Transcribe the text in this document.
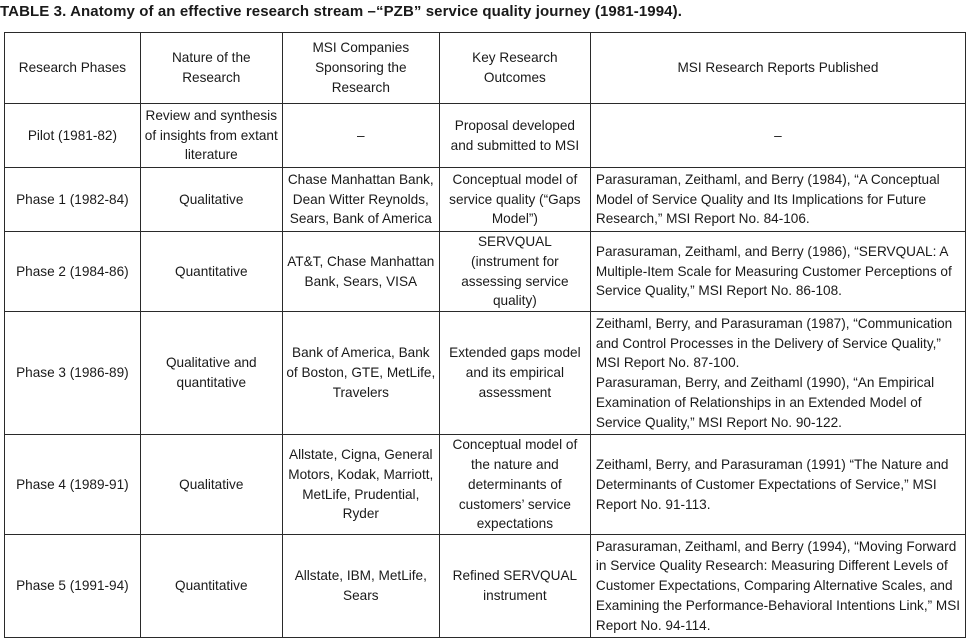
TABLE 3. Anatomy of an effective research stream –“PZB” service quality journey (1981-1994).
Research Phases	Nature of the Research	MSI Companies Sponsoring the Research	Key Research Outcomes	MSI Research Reports Published
Pilot (1981-82)	Review and synthesis of insights from extant literature	–	Proposal developed and submitted to MSI	–
Phase 1 (1982-84)	Qualitative	Chase Manhattan Bank, Dean Witter Reynolds, Sears, Bank of America	Conceptual model of service quality (“Gaps Model”)	Parasuraman, Zeithaml, and Berry (1984), “A Conceptual Model of Service Quality and Its Implications for Future Research,” MSI Report No. 84-106.
Phase 2 (1984-86)	Quantitative	AT&T, Chase Manhattan Bank, Sears, VISA	SERVQUAL (instrument for assessing service quality)	Parasuraman, Zeithaml, and Berry (1986), “SERVQUAL: A Multiple-Item Scale for Measuring Customer Perceptions of Service Quality,” MSI Report No. 86-108.
Phase 3 (1986-89)	Qualitative and quantitative	Bank of America, Bank of Boston, GTE, MetLife, Travelers	Extended gaps model and its empirical assessment	Zeithaml, Berry, and Parasuraman (1987), “Communication and Control Processes in the Delivery of Service Quality,” MSI Report No. 87-100.
Parasuraman, Berry, and Zeithaml (1990), “An Empirical Examination of Relationships in an Extended Model of Service Quality,” MSI Report No. 90-122.

Phase 4 (1989-91)	Qualitative	Allstate, Cigna, General Motors, Kodak, Marriott, MetLife, Prudential, Ryder	Conceptual model of the nature and determinants of customers’ service expectations	Zeithaml, Berry, and Parasuraman (1991) “The Nature and Determinants of Customer Expectations of Service,” MSI Report No. 91-113.
Phase 5 (1991-94)	Quantitative	Allstate, IBM, MetLife, Sears	Refined SERVQUAL instrument	Parasuraman, Zeithaml, and Berry (1994), “Moving Forward in Service Quality Research: Measuring Different Levels of Customer Expectations, Comparing Alternative Scales, and Examining the Performance-Behavioral Intentions Link,” MSI Report No. 94-114.
